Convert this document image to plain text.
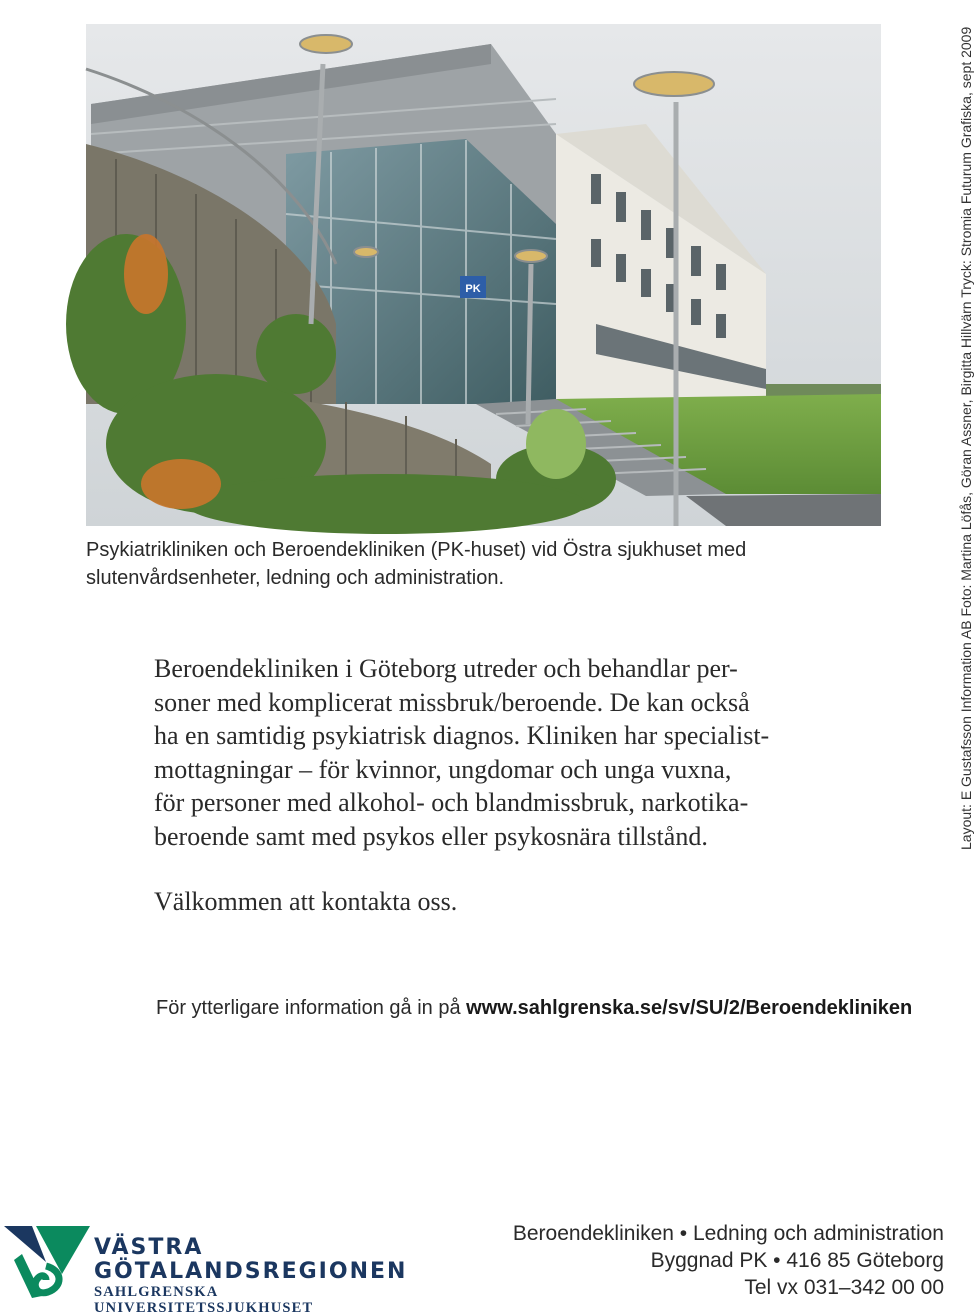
PK
Psykiatrikliniken och Beroendekliniken (PK-huset) vid Östra sjukhuset med
slutenvårdsenheter, ledning och administration.
Beroendekliniken i Göteborg utreder och behandlar per-
soner med komplicerat missbruk/beroende. De kan också
ha en samtidig psykiatrisk diagnos. Kliniken har specialist-
mottagningar – för kvinnor, ungdomar och unga vuxna,
för personer med alkohol- och blandmissbruk, narkotika-
beroende samt med psykos eller psykosnära tillstånd.
Välkommen att kontakta oss.
För ytterligare information gå in på www.sahlgrenska.se/sv/SU/2/Beroendekliniken
Layout: E Gustafsson Information AB Foto: Martina Löfås, Göran Assner, Birgitta Hillvärn Tryck: Stromia Futurum Grafiska, sept 2009
VÄSTRA
GÖTALANDSREGIONEN
SAHLGRENSKA UNIVERSITETSSJUKHUSET
Beroendekliniken • Ledning och administration
Byggnad PK • 416 85 Göteborg
Tel vx 031–342 00 00
